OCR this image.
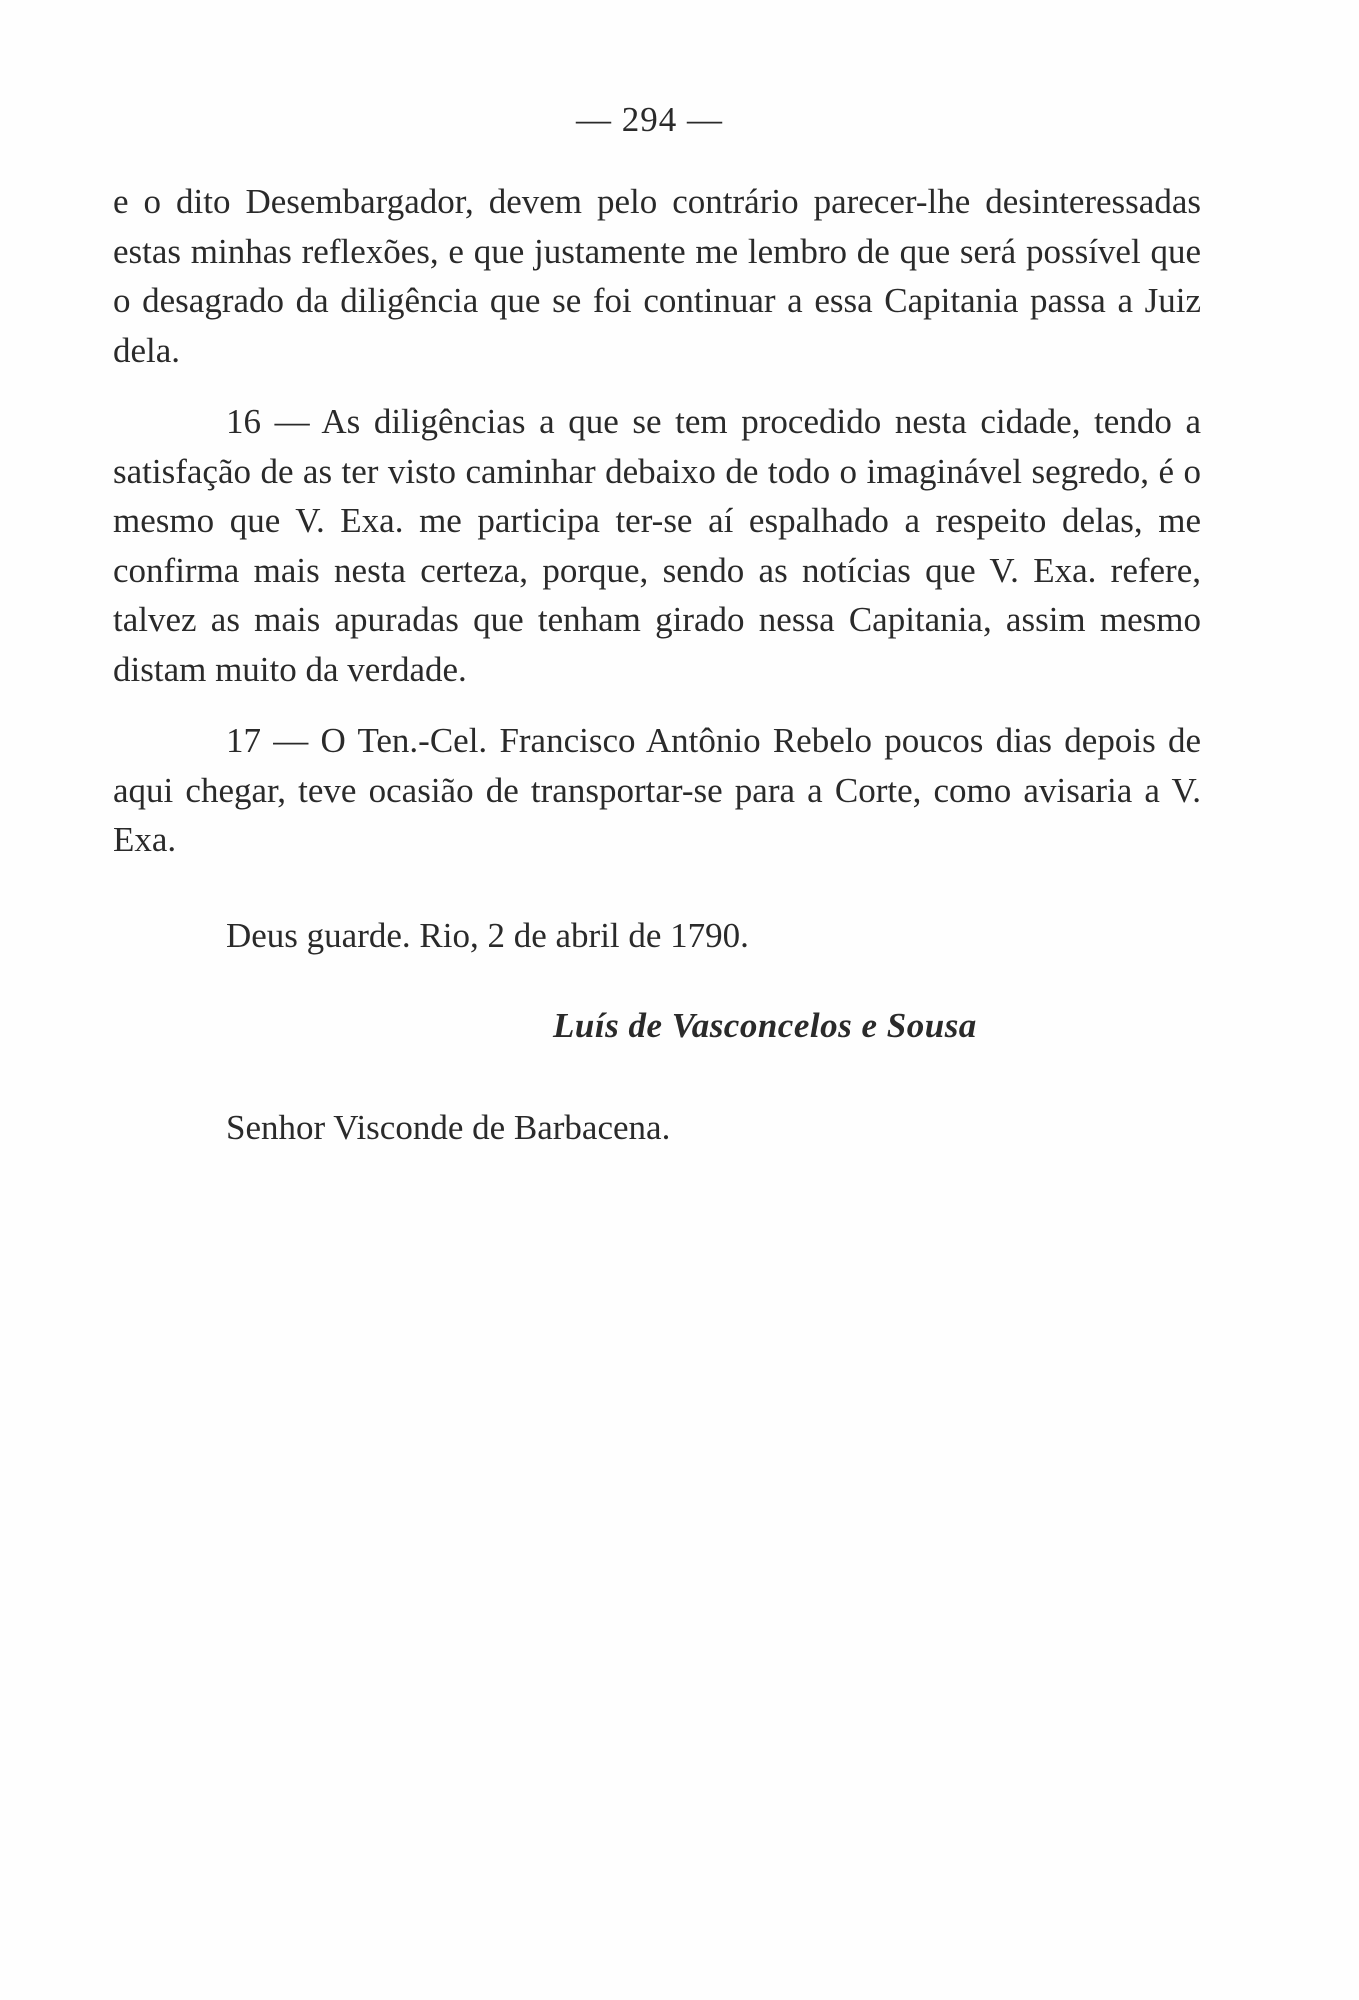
— 294 —

e o dito Desembargador, devem pelo contrário parecer-lhe desinteressadas estas minhas reflexões, e que justamente me lembro de que será possível que o desagrado da diligência que se foi continuar a essa Capitania passa a Juiz dela.

16 — As diligências a que se tem procedido nesta cidade, tendo a satisfação de as ter visto caminhar debaixo de todo o imaginável segredo, é o mesmo que V. Exa. me participa ter-se aí espalhado a respeito delas, me confirma mais nesta certeza, porque, sendo as notícias que V. Exa. refere, talvez as mais apuradas que tenham girado nessa Capitania, assim mesmo distam muito da verdade.

17 — O Ten.-Cel. Francisco Antônio Rebelo poucos dias depois de aqui chegar, teve ocasião de transportar-se para a Corte, como avisaria a V. Exa.

Deus guarde. Rio, 2 de abril de 1790.

Luís de Vasconcelos e Sousa

Senhor Visconde de Barbacena.
